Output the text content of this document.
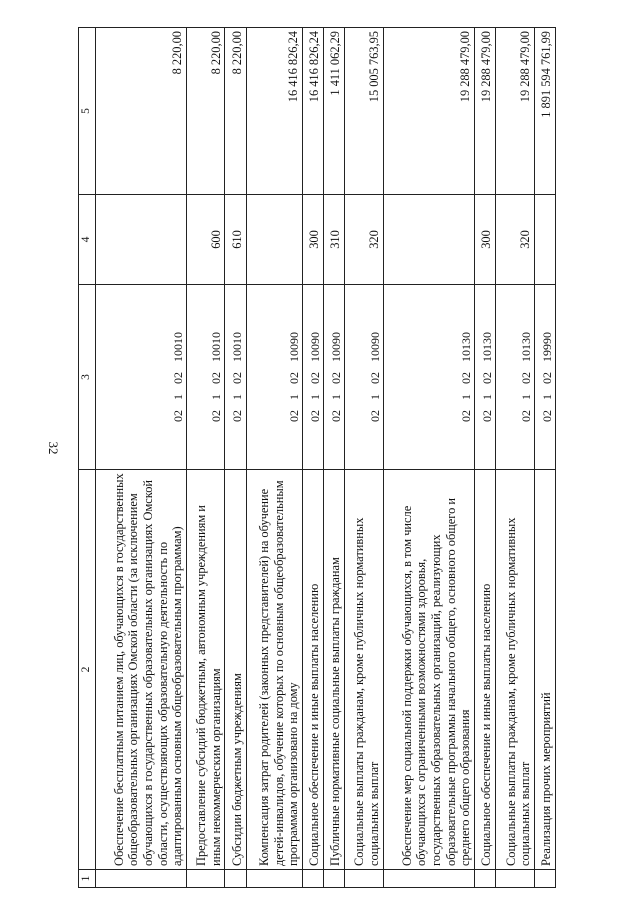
32
1	2	3	4	5
	Обеспечение бесплатным питанием лиц, обучающихся в государственных общеобразовательных организациях Омской области (за исключением обучающихся в государственных образовательных организациях Омской области, осуществляющих образовательную деятельность по адаптированным основным общеобразовательным программам)	0210210010		8 220,00
	Предоставление субсидий бюджетным, автономным учреждениям и иным некоммерческим организациям	0210210010	600	8 220,00
	Субсидии бюджетным учреждениям	0210210010	610	8 220,00
	Компенсация затрат родителей (законных представителей) на обучение детей-инвалидов, обучение которых по основным общеобразовательным программам организовано на дому	0210210090		16 416 826,24
	Социальное обеспечение и иные выплаты населению	0210210090	300	16 416 826,24
	Публичные нормативные социальные выплаты гражданам	0210210090	310	1 411 062,29
	Социальные выплаты гражданам, кроме публичных нормативных социальных выплат	0210210090	320	15 005 763,95
	Обеспечение мер социальной поддержки обучающихся, в том числе обучающихся с ограниченными возможностями здоровья, государственных образовательных организаций, реализующих образовательные программы начального общего, основного общего и среднего общего образования	0210210130		19 288 479,00
	Социальное обеспечение и иные выплаты населению	0210210130	300	19 288 479,00
	Социальные выплаты гражданам, кроме публичных нормативных социальных выплат	0210210130	320	19 288 479,00
	Реализация прочих мероприятий	0210219990		1 891 594 761,99
